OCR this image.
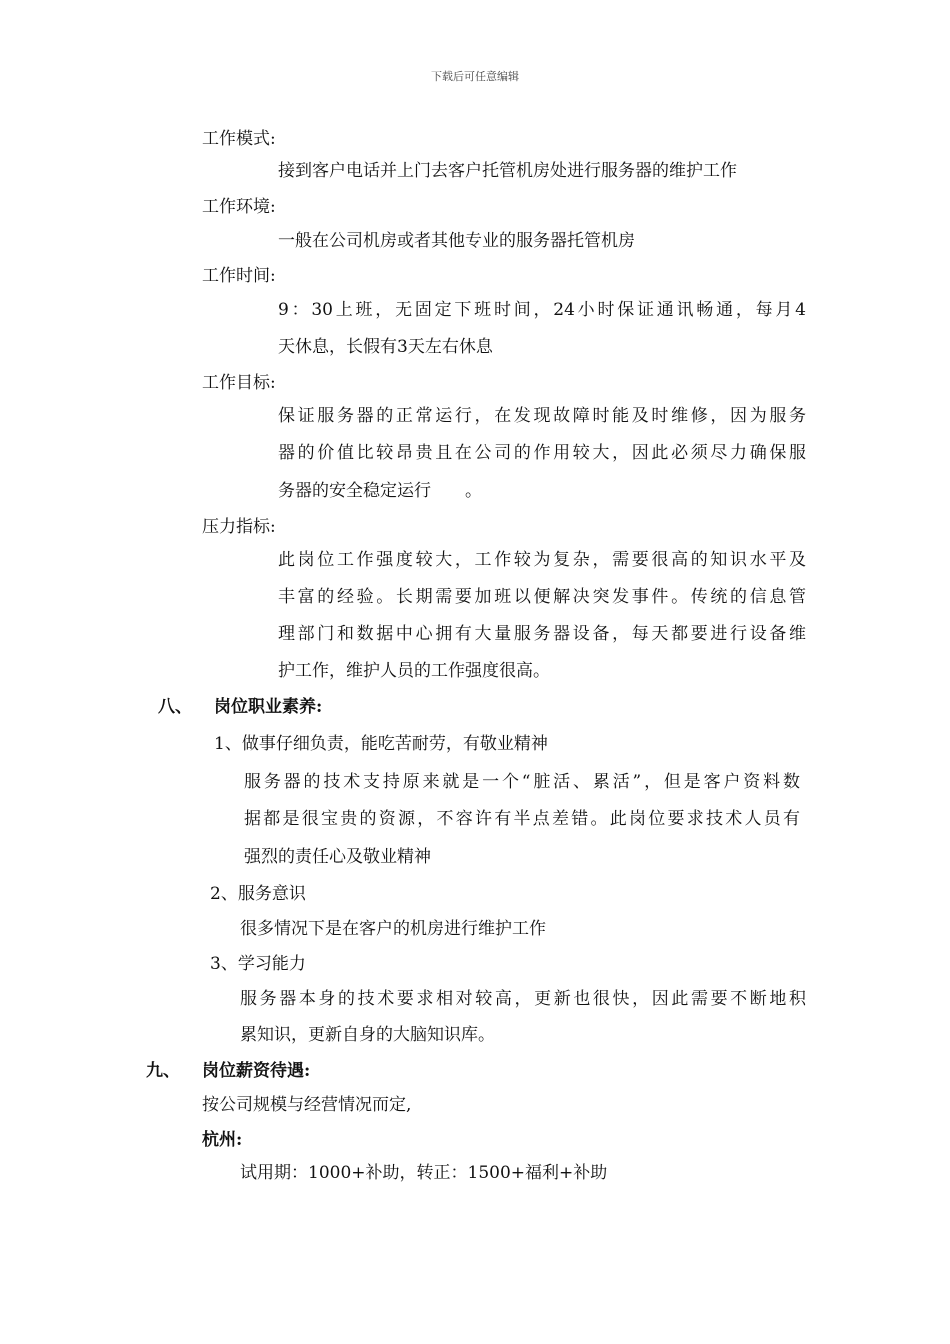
下载后可任意编辑
工作模式:
接到客户电话并上门去客户托管机房处进行服务器的维护工作
工作环境:
一般在公司机房或者其他专业的服务器托管机房
工作时间:
9：30上班，无固定下班时间，24小时保证通讯畅通，每月4
天休息，长假有3天左右休息
工作目标:
保证服务器的正常运行，在发现故障时能及时维修，因为服务
器的价值比较昂贵且在公司的作用较大，因此必须尽力确保服
务器的安全稳定运行　　。
压力指标:
此岗位工作强度较大，工作较为复杂，需要很高的知识水平及
丰富的经验。长期需要加班以便解决突发事件。传统的信息管
理部门和数据中心拥有大量服务器设备，每天都要进行设备维
护工作，维护人员的工作强度很高。
八、 岗位职业素养:
1、做事仔细负责，能吃苦耐劳，有敬业精神
服务器的技术支持原来就是一个“脏活、累活”，但是客户资料数
据都是很宝贵的资源，不容许有半点差错。此岗位要求技术人员有
强烈的责任心及敬业精神
2、服务意识
很多情况下是在客户的机房进行维护工作
3、学习能力
服务器本身的技术要求相对较高，更新也很快，因此需要不断地积
累知识，更新自身的大脑知识库。
九、 岗位薪资待遇:
按公司规模与经营情况而定,
杭州:
试用期：1000+补助，转正：1500+福利+补助
